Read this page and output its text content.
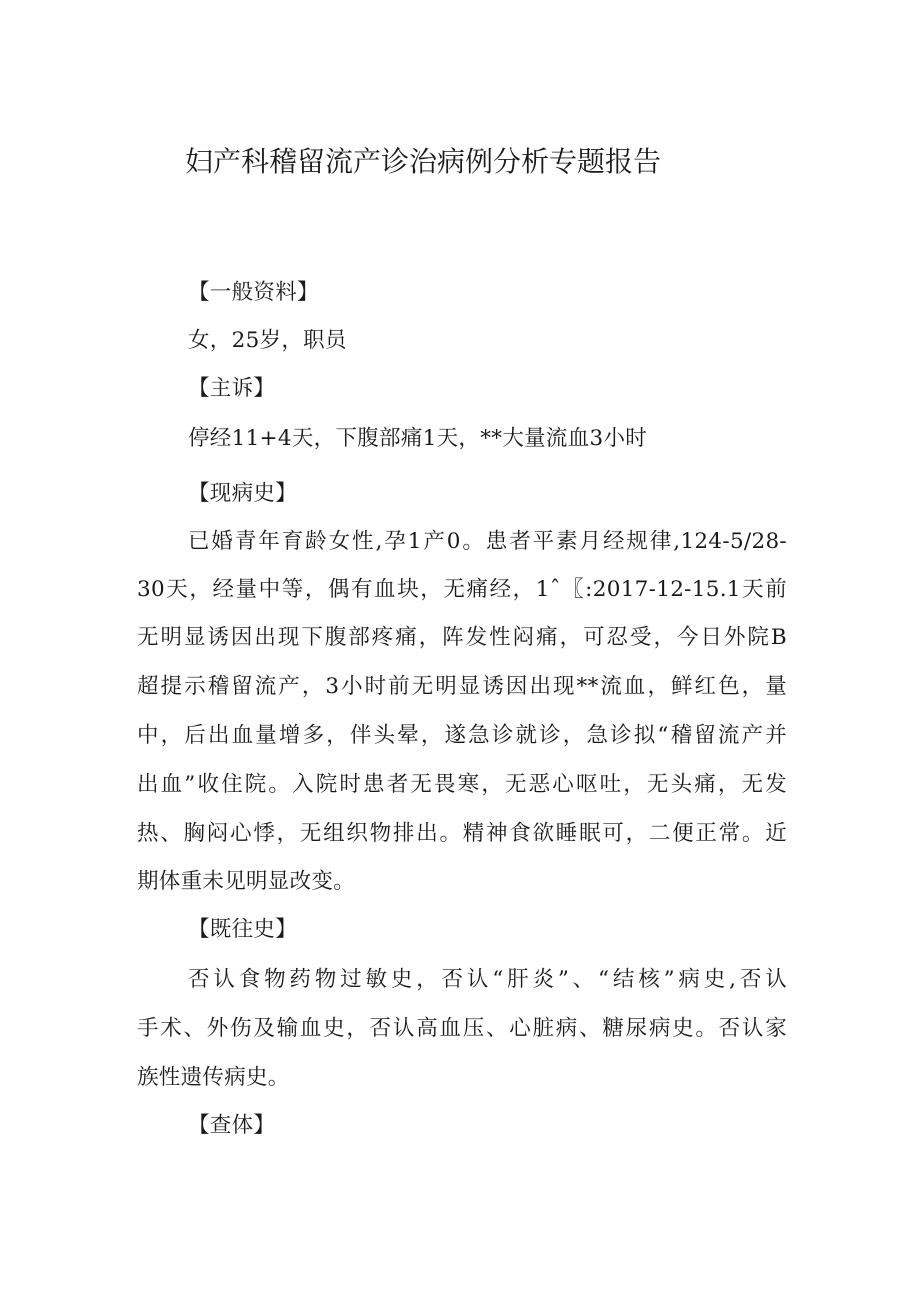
妇产科稽留流产诊治病例分析专题报告

【一般资料】

女，25岁，职员

【主诉】

停经11+4天，下腹部痛1天，**大量流血3小时

【现病史】

已婚青年育龄女性,孕1产0。患者平素月经规律,124-5/28-

30天，经量中等，偶有血块，无痛经，1ˆ〖:2017-12-15.1天前

无明显诱因出现下腹部疼痛，阵发性闷痛，可忍受，今日外院B

超提示稽留流产，3小时前无明显诱因出现**流血，鲜红色，量

中，后出血量增多，伴头晕，遂急诊就诊，急诊拟“稽留流产并

出血”收住院。入院时患者无畏寒，无恶心呕吐，无头痛，无发

热、胸闷心悸，无组织物排出。精神食欲睡眠可，二便正常。近

期体重未见明显改变。

【既往史】

否认食物药物过敏史，否认“肝炎”、“结核”病史,否认

手术、外伤及输血史，否认高血压、心脏病、糖尿病史。否认家

族性遗传病史。

【查体】
